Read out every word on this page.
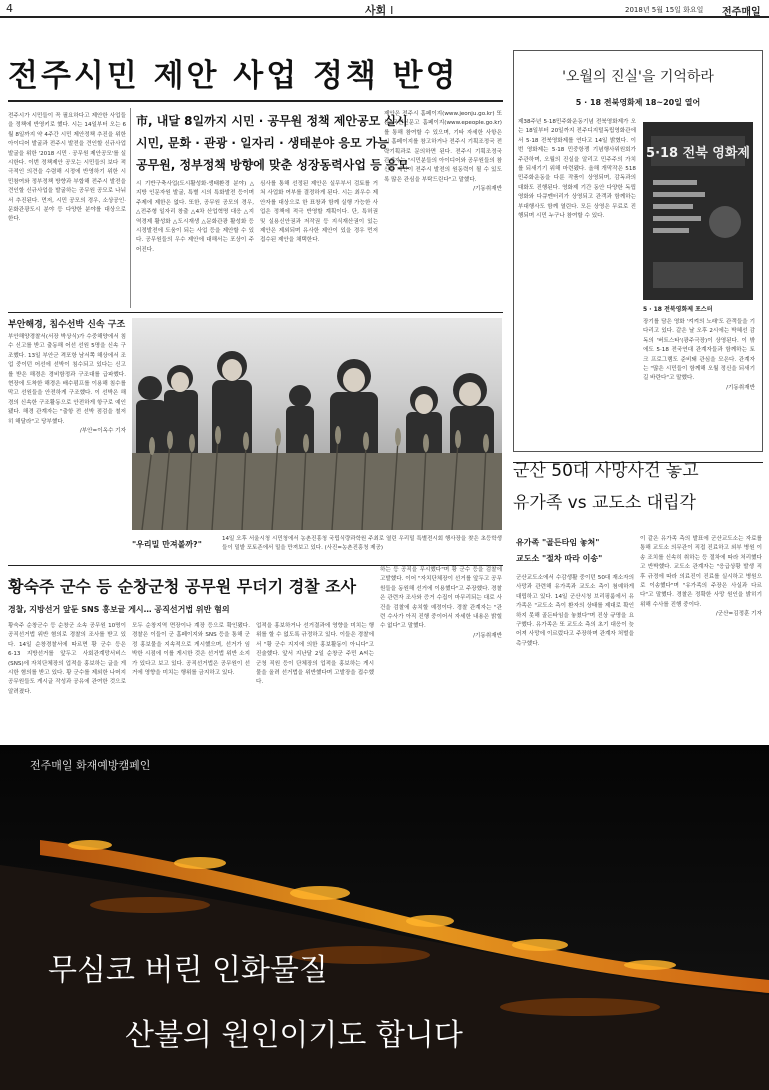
4	사회 I	2018년 5월 15일 화요일 전주매일
전주시민 제안 사업 정책 반영
전주시가 시민들이 꼭 필요하다고 제안한 사업들을 정책에 반영키로 했다. 시는 14일부터 오는 6월 8일까지 약 4주간 시민 제안정책 추진을 위한 아이디어 발굴과 전주시 발전을 견인할 신규사업 발굴을 위한 '2018 시민 · 공무원 제안공모'를 실시한다. 이번 정책제안 공모는 시민들의 보다 적극적인 의견을 수렴해 시정에 반영하기 위한 시민참여와 정부정책 방향과 부합해 전주시 발전을 견인할 신규사업을 발굴하는 공무원 공모로 나눠서 추진된다. 먼저, 시민 공모의 경우, 소상공인·문화관광도시 분야 등 다양한 분야를 대상으로 한다.
市, 내달 8일까지 시민 · 공무원 정책 제안공모 실시
시민, 문화 · 관광 · 일자리 · 생태분야 응모 가능
공무원, 정부정책 방향에 맞춘 성장동력사업 등 응모
시 기반구축사업(도시활성화·생태환경 분야) △지방 인문자원 발굴, 특별 시의 특화발전 등이며 주제에 제한은 없다. 또한, 공무원 공모의 경우, △전주형 일자리 창출 △4차 산업혁명 대응 △지역경제 활성화 △도시재생 △문화관광 활성화 등 시정발전에 도움이 되는 사업 등을 제안할 수 있다. 공무원들의 우수 제안에 대해서는 포상이 주어진다.
심사를 통해 선정된 제안은 실무부서 검토를 거쳐 사업화 여부를 결정하게 된다. 시는 최우수 제안자를 대상으로 한 표창과 함께 실행 가능한 사업은 정책에 적극 반영할 계획이다. 단, 특허권 및 실용신안권과 저작권 등 지식재산권이 있는 제안은 제외되며 유사한 제안이 있을 경우 먼저 접수된 제안을 채택한다.
제안은 전주시 홈페이지(www.jeonju.go.kr) 또는 국민신문고 홈페이지(www.epeople.go.kr)를 통해 참여할 수 있으며, 기타 자세한 사항은 시 홈페이지를 참고하거나 전주시 기획조정국 전략기획과로 문의하면 된다. 전주시 기획조정국 관계자는 "시민분들의 아이디어와 공무원들의 참신한 제안이 전주시 발전의 원동력이 될 수 있도록 많은 관심을 부탁드린다"고 말했다.

/기동취재반
부안해경, 침수선박 신속 구조
부안해양경찰서(서장 박상식)가 수중해양에서 침수 신고를 받고 출동해 어선 선원 5명을 신속 구조했다. 13일 부안군 격포항 남서쪽 해상에서 조업 중이던 어선에 선박이 침수되고 있다는 신고를 받은 해경은 경비함정과 구조대를 급파했다. 현장에 도착한 해경은 배수펌프를 이용해 침수를 막고 선원들을 안전하게 구조했다. 이 선박은 해경의 신속한 구조활동으로 안전하게 항구로 예인됐다. 해경 관계자는 "출항 전 선박 점검을 철저히 해달라"고 당부했다.

/부안=이옥수 기자
"우리밀 만져볼까?"
14일 오후 서울시청 시민청에서 농촌진흥청 국립식량과학원 주최로 열린 우리밀 특별전시회 행사장을 찾은 초등학생들이 밀밭 포토존에서 밀을 만져보고 있다. (사진=농촌진흥청 제공)
'오월의 진실'을 기억하라
5 · 18 전북영화제 18~20일 열어
제38주년 5·18민주화운동기념 전북영화제가 오는 18일부터 20일까지 전주디지털독립영화관에서 5·18 전북영화제를 연다고 14일 밝혔다. 이번 영화제는 5·18 민중항쟁 기념행사위원회가 주관하며, 오월의 진실을 알리고 민주주의 가치를 되새기기 위해 마련됐다. 올해 개막작은 518 민주화운동을 다룬 작품이 상영되며, 감독과의 대화도 진행된다. 영화제 기간 동안 다양한 독립영화와 다큐멘터리가 상영되고 관객과 함께하는 부대행사도 함께 열린다. 모든 상영은 무료로 진행되며 시민 누구나 참여할 수 있다.
5·18 전북 영화제
5 · 18 전북영화제 포스터
장기를 담은 영화 '켜켜의 노래'도 관객들을 기다리고 있다. 같은 날 오후 2시에는 박혜선 감독의 '버트스타'(광주극장)이 상영된다. 이 밖에도 5·18 전국연대 관계자들과 함께하는 토크 프로그램도 준비돼 관심을 모은다. 관계자는 "많은 시민들이 함께해 오월 정신을 되새기길 바란다"고 말했다.

/기동취재반
군산 50대 사망사건 놓고
유가족 vs 교도소 대립각
유가족 "골든타임 놓쳐"
교도소 "절차 따라 이송"
군산교도소에서 수감생활 중이던 50대 재소자의 사망과 관련해 유가족과 교도소 측이 첨예하게 대립하고 있다. 14일 군산시청 브리핑룸에서 유가족은 "교도소 측이 환자의 상태를 제대로 확인하지 못해 골든타임을 놓쳤다"며 진상 규명을 요구했다. 유가족은 또 교도소 측의 초기 대응이 늦어져 사망에 이르렀다고 주장하며 관계자 처벌을 촉구했다.
이 같은 유가족 측의 발표에 군산교도소는 자료를 통해 교도소 의무관이 직접 진료하고 외부 병원 이송 조치를 신속히 취하는 등 절차에 따라 처리했다고 반박했다. 교도소 관계자는 "응급상황 발생 직후 규정에 따라 의료진이 진료를 실시하고 병원으로 이송했다"며 "유가족의 주장은 사실과 다르다"고 말했다. 경찰은 정확한 사망 원인을 밝히기 위해 수사를 진행 중이다.

/군산=김정훈 기자
황숙주 군수 등 순창군청 공무원 무더기 경찰 조사
경찰, 지방선거 앞둔 SNS 홍보글 게시… 공직선거법 위반 혐의
황숙주 순창군수 등 순창군 소속 공무원 10명이 공직선거법 위반 혐의로 경찰의 조사를 받고 있다. 14일 순창경찰서에 따르면 황 군수 등은 6·13 지방선거를 앞두고 사회관계망서비스(SNS)에 자치단체장의 업적을 홍보하는 글을 게시한 혐의를 받고 있다. 황 군수를 제외한 나머지 공무원들도 게시글 작성과 공유에 관여한 것으로 알려졌다.
모두 순창지역 면장이나 계장 등으로 확인됐다. 경찰은 이들이 군 홈페이지와 SNS 등을 통해 군정 홍보물을 지속적으로 게시했으며, 선거가 임박한 시점에 이를 게시한 것은 선거법 위반 소지가 있다고 보고 있다. 공직선거법은 공무원이 선거에 영향을 미치는 행위를 금지하고 있다.
업적을 홍보하거나 선거결과에 영향을 미치는 행위를 할 수 없도록 규정하고 있다. 이들은 경찰에서 "황 군수 지지에 의한 홍보활동이 아니다"고 진술했다. 앞서 지난달 2일 순창군 주민 A씨는 군청 직원 등이 단체장의 업적을 홍보하는 게시물을 올려 선거법을 위반했다며 고발장을 접수했다.
하는 등 공직을 무시했다"며 황 군수 등을 검찰에 고발했다. 이어 "자치단체장이 선거를 앞두고 공무원들을 동원해 선거에 이용했다"고 주장했다. 경찰은 관련자 조사와 증거 수집이 마무리되는 대로 사건을 검찰에 송치할 예정이다. 경찰 관계자는 "관련 수사가 아직 진행 중이어서 자세한 내용은 밝힐 수 없다"고 말했다.

/기동취재반
전주매일 화재예방캠페인
무심코 버린 인화물질
산불의 원인이기도 합니다
